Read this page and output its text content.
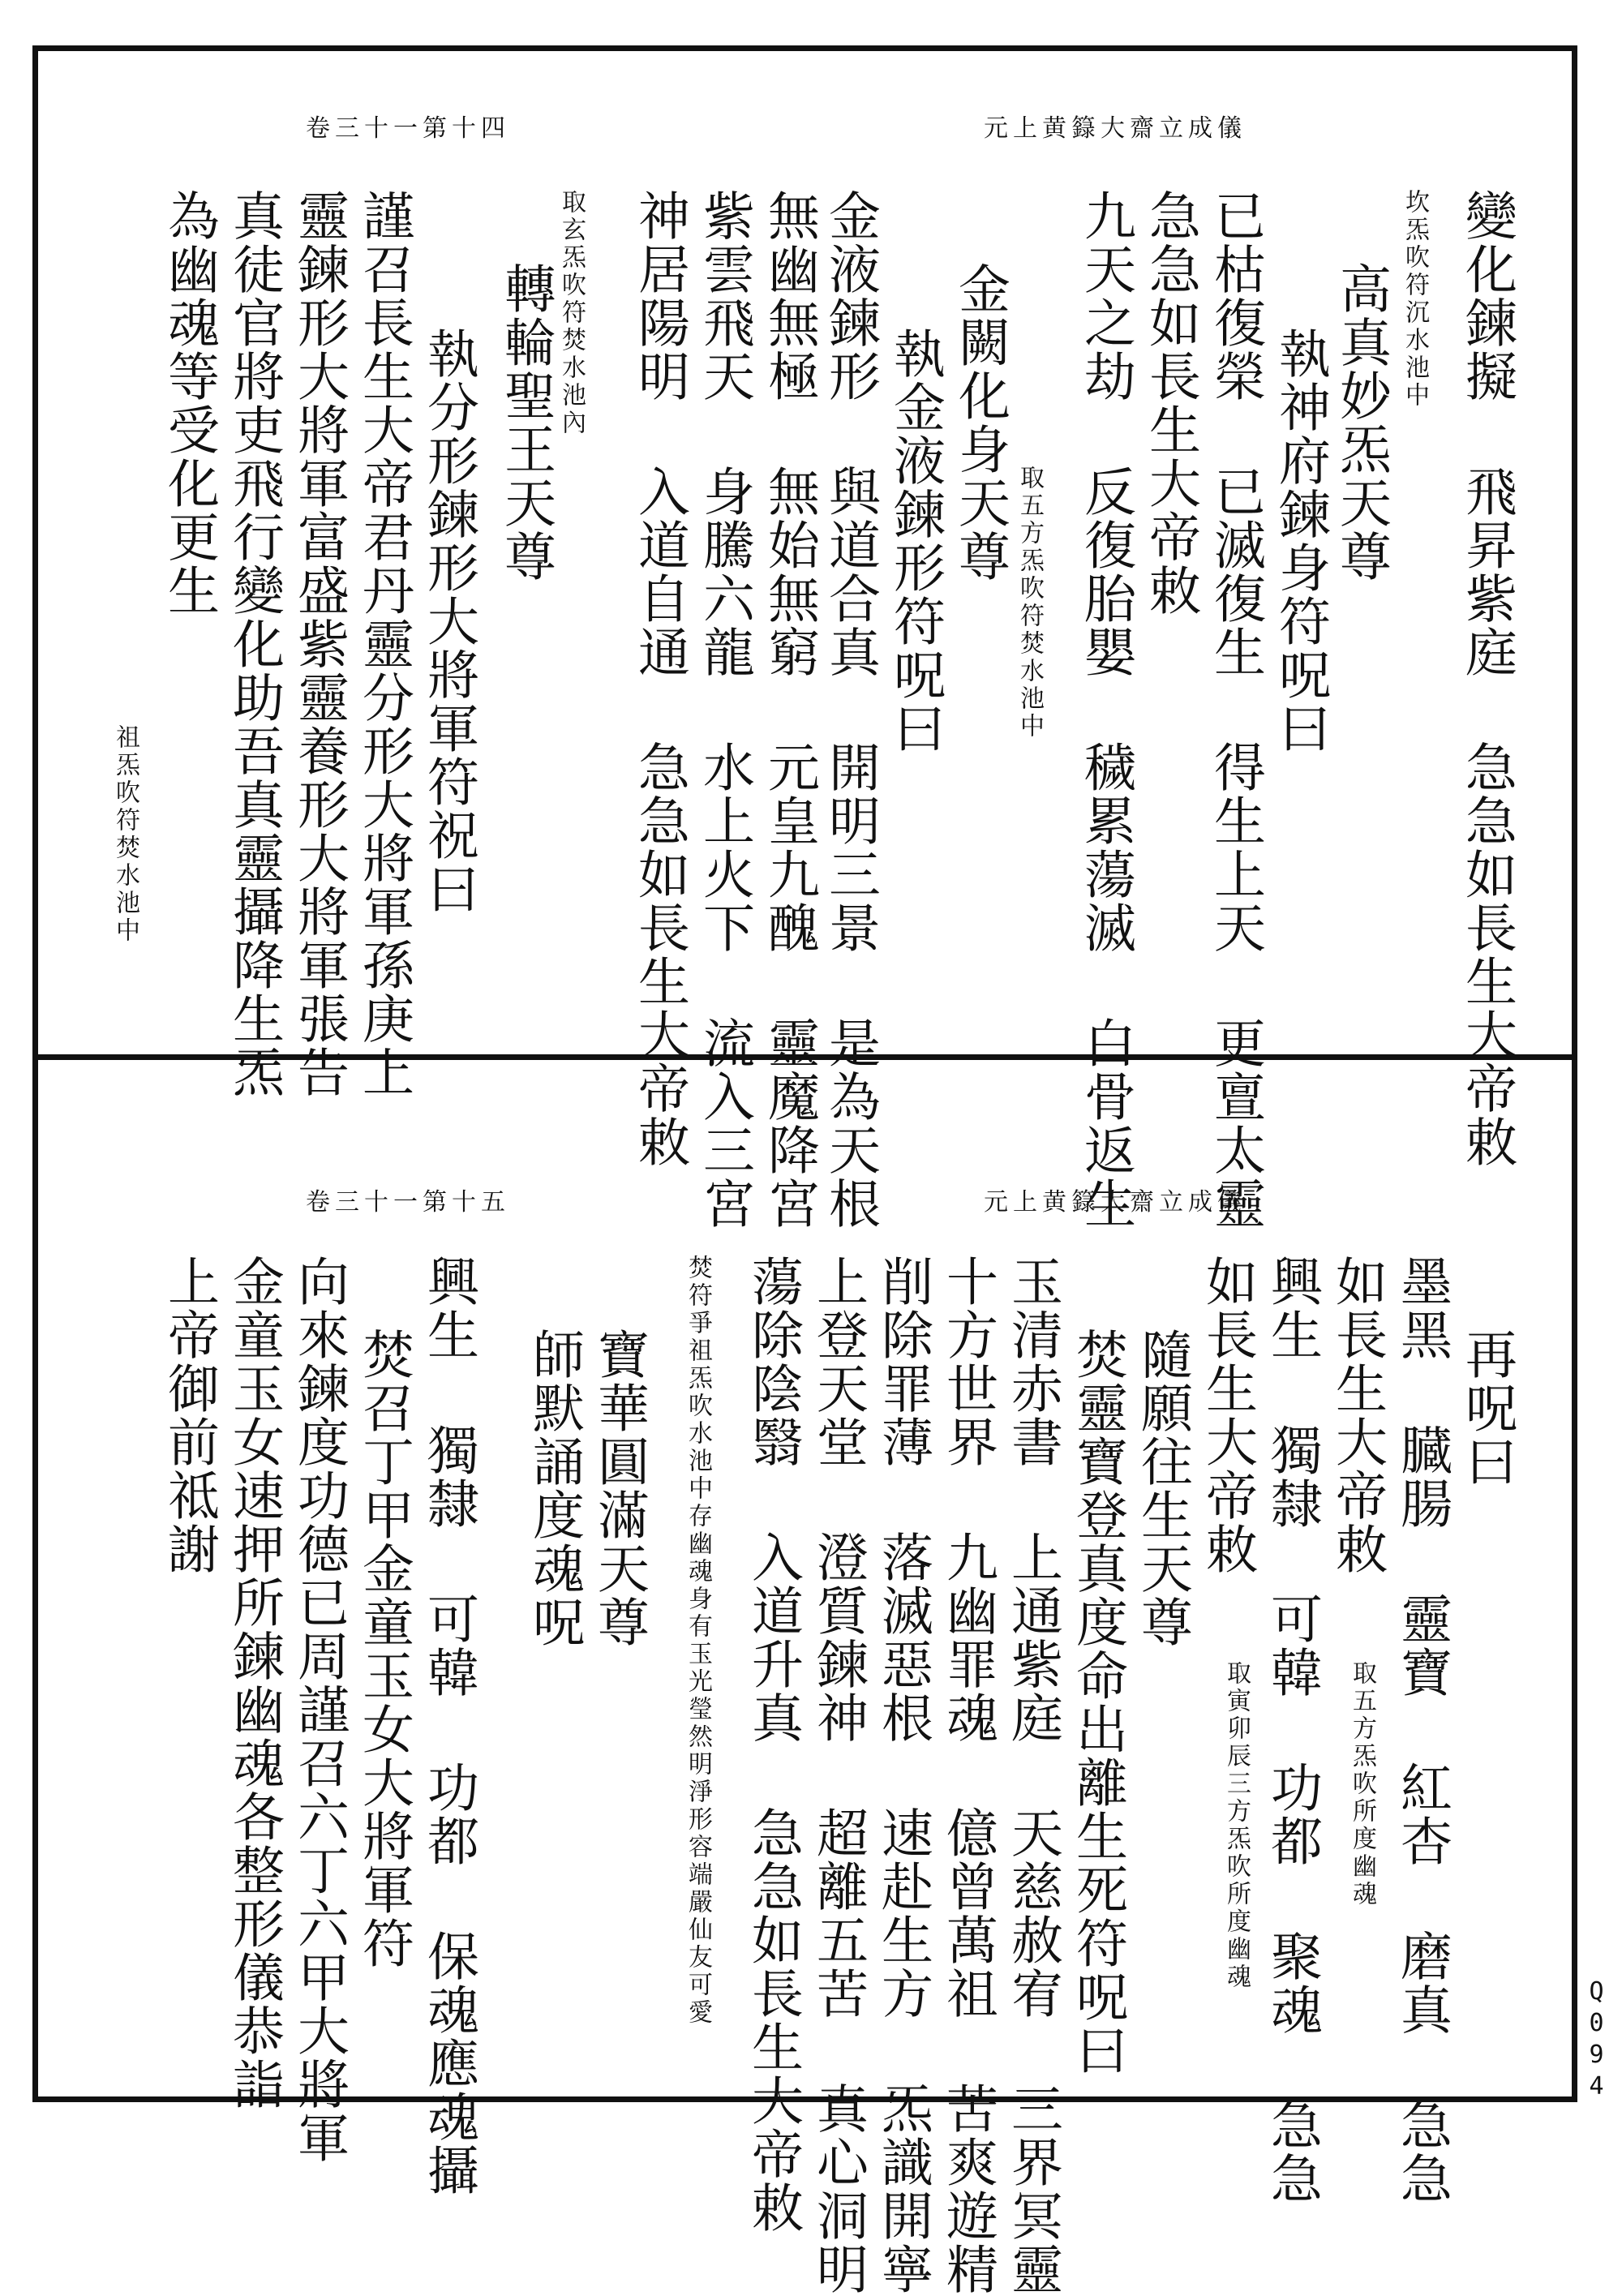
元上黄籙大齋立成儀
卷三十一第十四
變化鍊擬 飛昇紫庭 急急如長生大帝敕
坎炁吹符沉水池中
高真妙炁天尊
執神府鍊身符呪曰
已枯復榮 已滅復生 得生上天 更亶太靈
急急如長生大帝敕
取五方炁吹符焚水池中 九天之劫 反復胎嬰 穢累蕩滅 白骨返生
金闕化身天尊
執金液鍊形符呪曰
金液鍊形 與道合真 開明三景 是為天根
無幽無極 無始無窮 元皇九醜 靈魔降宮
紫雲飛天 身騰六龍 水上火下 流入三宮
神居陽明 入道自通 急急如長生大帝敕
取玄炁吹符焚水池內
轉輪聖王天尊
執分形鍊形大將軍符祝曰
謹召長生大帝君丹靈分形大將軍孫庚上
靈鍊形大將軍富盛紫靈養形大將軍張告
真徒官將吏飛行變化助吾真靈攝降生炁
為幽魂等受化更生
祖炁吹符焚水池中
卷三十一第十五	元上黄籙大齋立成儀
再呪曰
墨黑 臓腸 靈寶 紅杏 磨真 急急
如長生大帝敕
取五方炁吹所度幽魂
興生 獨隸 可韓 功都 聚魂 急急
如長生大帝敕
取寅卯辰三方炁吹所度幽魂
隨願往生天尊
焚靈寶登真度命出離生死符呪曰
玉清赤書 上通紫庭 天慈赦宥 三界冥靈
十方世界 九幽罪魂 億曾萬祖 苦爽遊精
削除罪薄 落滅惡根 速赴生方 炁識開寧
上登天堂 澄質鍊神 超離五苦 真心洞明
蕩除陰翳 入道升真 急急如長生大帝敕
焚符爭祖炁吹水池中存幽魂身有玉光瑩然明淨形容端嚴仙友可愛
寶華圓滿天尊
師默誦度魂呪
興生 獨隸 可韓 功都 保魂應魂攝
焚召丁甲金童玉女大將軍符
向來鍊度功德已周謹召六丁六甲大將軍
金童玉女速押所鍊幽魂各整形儀恭詣
上帝御前祗謝
Q094
